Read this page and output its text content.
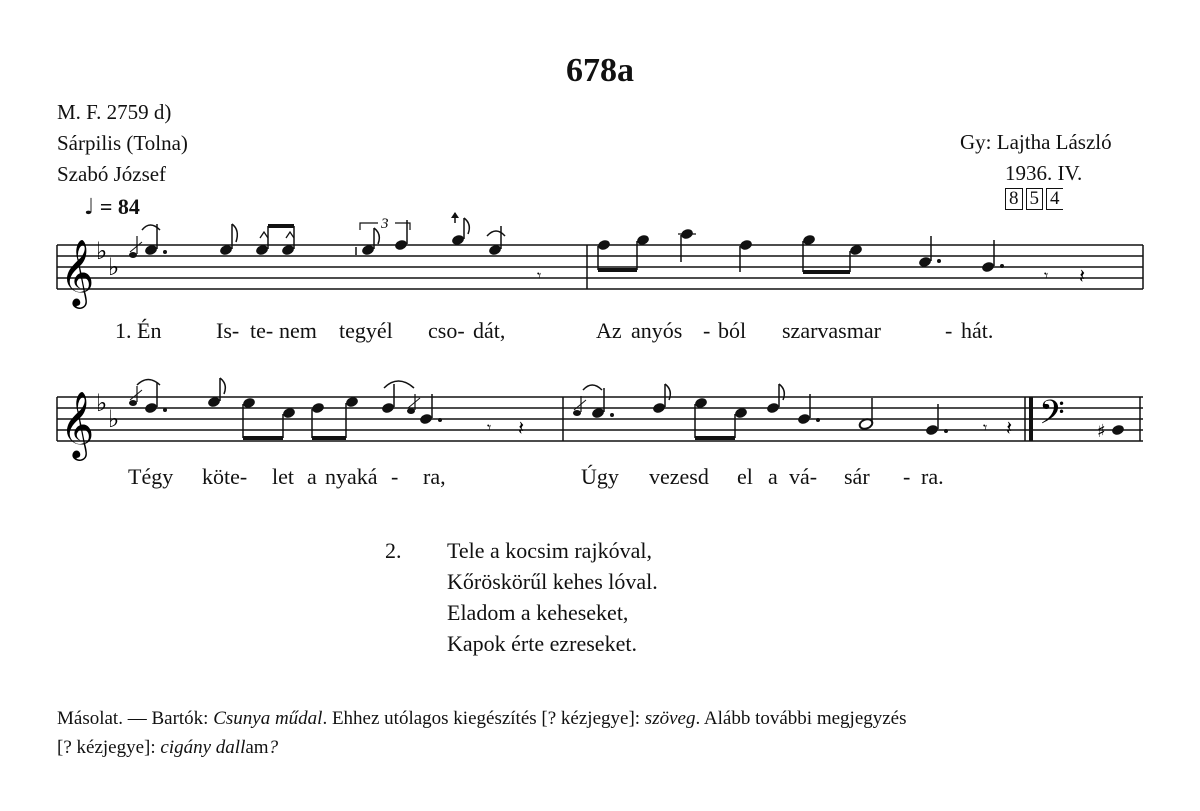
678a
M. F. 2759 d)
Sárpilis (Tolna)
Szabó József
Gy: Lajtha László
1936. IV.
8 5 4
♩ = 84
𝄞 ♭
♭
3
𝄾	𝄾 𝄽
𝄞 ♭
♭	𝄾 𝄽	𝄾 𝄽 𝄢 ♯
1. Én Is- te- nem tegyél cso- dát,	Az anyós - ból szarvasmar	- hát.
Tégy köte- let a nyaká - ra,	Úgy vezesd el a vá- sár - ra.
2. Tele a kocsim rajkóval,
Kőröskörűl kehes lóval.
Eladom a keheseket,
Kapok érte ezreseket.
Másolat. — Bartók: Csunya műdal. Ehhez utólagos kiegészítés [? kézjegye]: szöveg. Alább további megjegyzés
[? kézjegye]: cigány dallam?
